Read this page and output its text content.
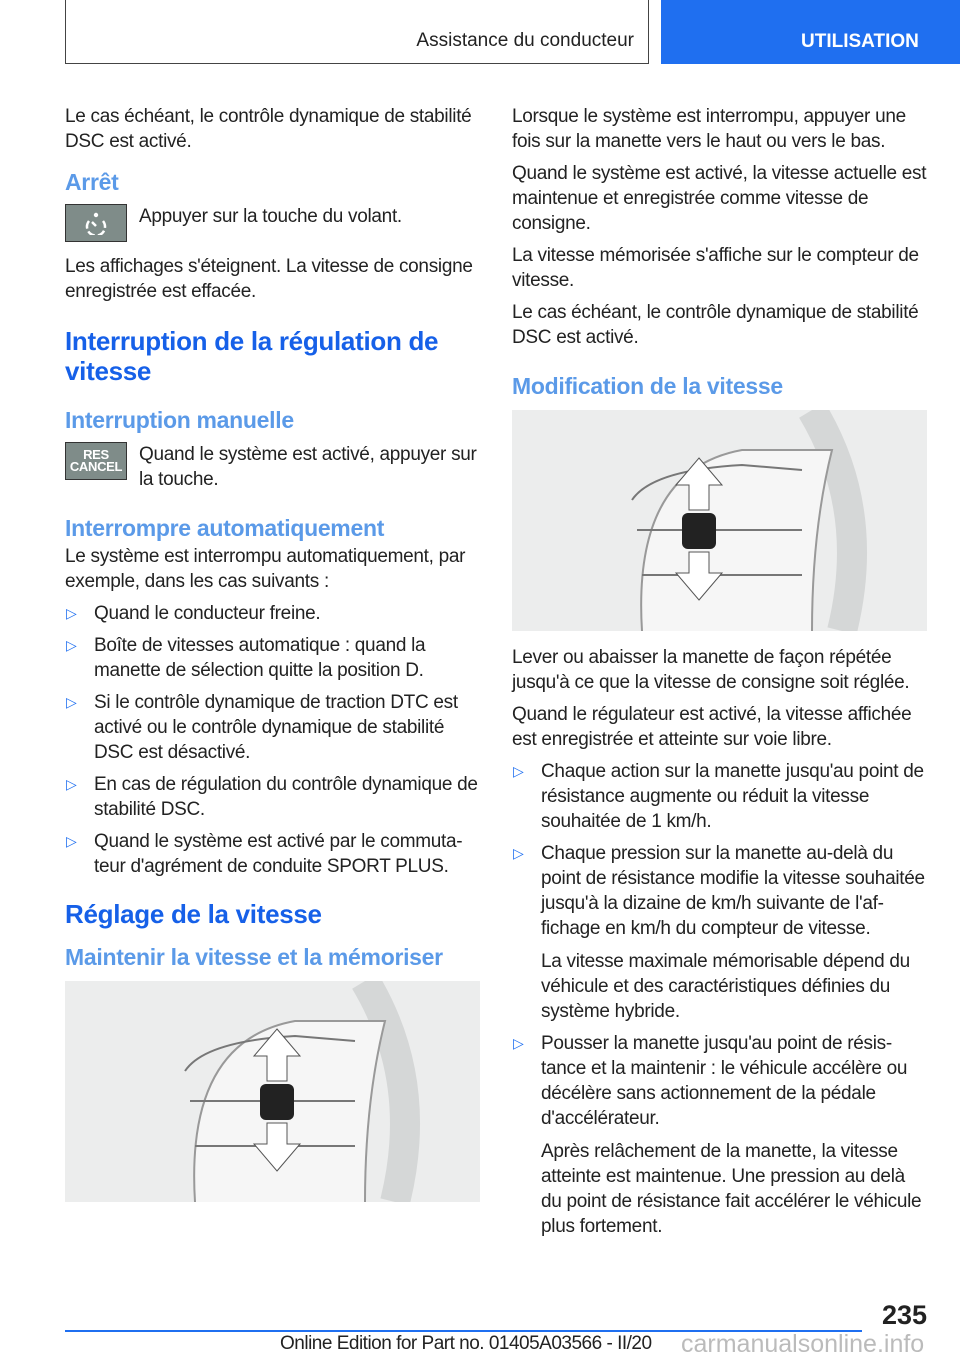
Assistance du conducteur	UTILISATION

Le cas échéant, le contrôle dynamique de stabilité DSC est activé.

Arrêt
Appuyer sur la touche du volant.

Les affichages s'éteignent. La vitesse de consigne enregistrée est effacée.

Interruption de la régulation de vitesse
Interruption manuelle
RES CANCEL
Quand le système est activé, appuyer sur la touche.
Interrompre automatiquement

Le système est interrompu automatiquement, par exemple, dans les cas suivants :

▷ Quand le conducteur freine.
▷ Boîte de vitesses automatique : quand la manette de sélection quitte la position D.
▷ Si le contrôle dynamique de traction DTC est activé ou le contrôle dynamique de stabilité DSC est désactivé.
▷ En cas de régulation du contrôle dynamique de stabilité DSC.
▷ Quand le système est activé par le commutateur d'agrément de conduite SPORT PLUS.
Réglage de la vitesse
Maintenir la vitesse et la mémoriser

Lorsque le système est interrompu, appuyer une fois sur la manette vers le haut ou vers le bas.

Quand le système est activé, la vitesse actuelle est maintenue et enregistrée comme vitesse de consigne.

La vitesse mémorisée s'affiche sur le compteur de vitesse.

Le cas échéant, le contrôle dynamique de stabilité DSC est activé.

Modification de la vitesse

Lever ou abaisser la manette de façon répétée jusqu'à ce que la vitesse de consigne soit réglée.

Quand le régulateur est activé, la vitesse affichée est enregistrée et atteinte sur voie libre.

▷ Chaque action sur la manette jusqu'au point de résistance augmente ou réduit la vitesse souhaitée de 1 km/h.
▷ Chaque pression sur la manette au-delà du point de résistance modifie la vitesse souhaitée jusqu'à la dizaine de km/h suivante de l'affichage en km/h du compteur de vitesse.

La vitesse maximale mémorisable dépend du véhicule et des caractéristiques définies du système hybride.

▷ Pousser la manette jusqu'au point de résistance et la maintenir : le véhicule accélère ou décélère sans actionnement de la pédale d'accélérateur.

Après relâchement de la manette, la vitesse atteinte est maintenue. Une pression au delà du point de résistance fait accélérer le véhicule plus fortement.

235
Online Edition for Part no. 01405A03566 - II/20 carmanualsonline.info
